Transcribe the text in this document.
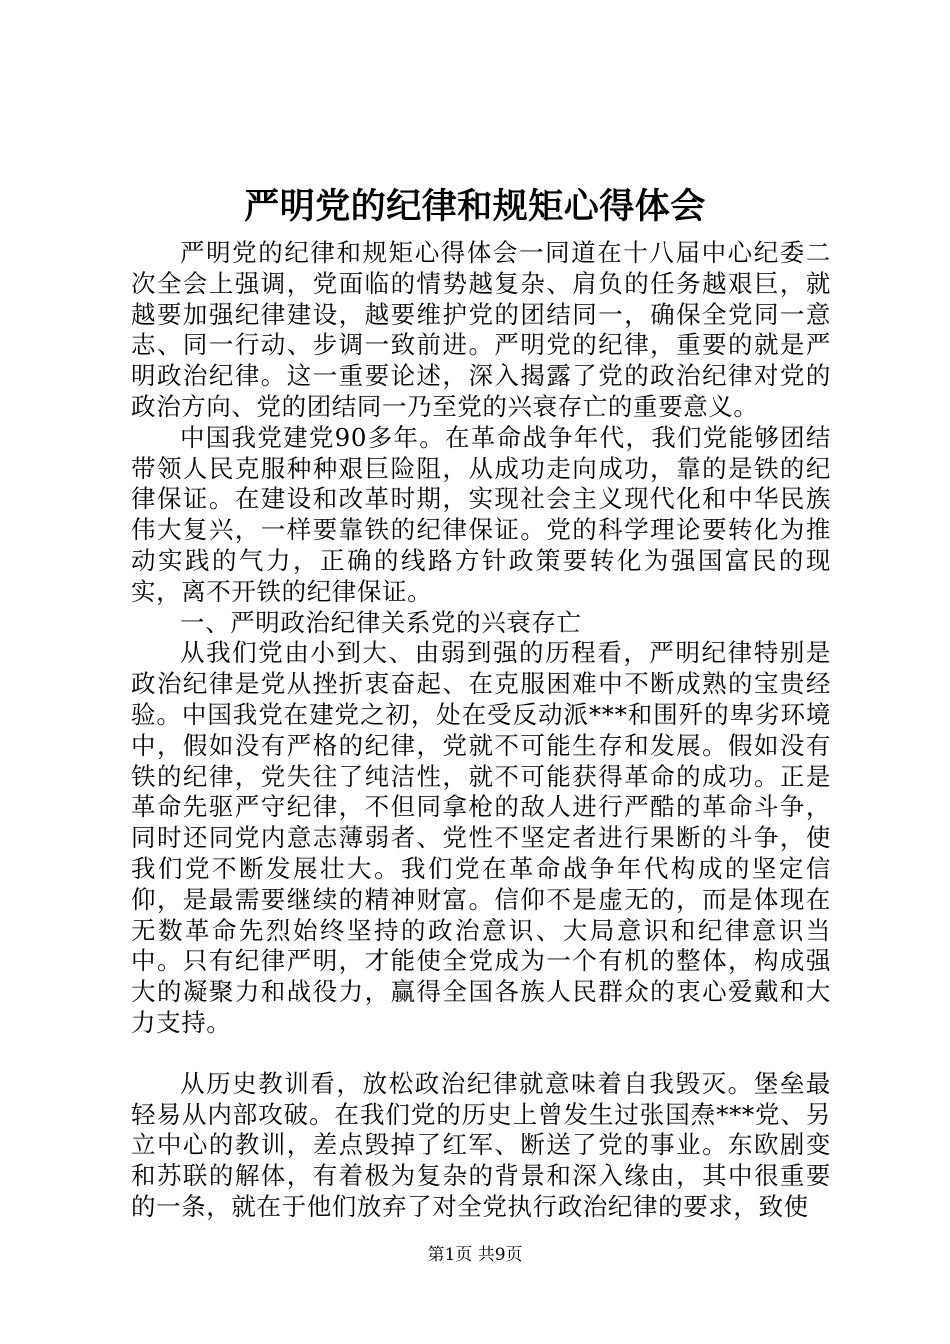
严明党的纪律和规矩心得体会

严明党的纪律和规矩心得体会一同道在十八届中心纪委二次全会上强调，党面临的情势越复杂、肩负的任务越艰巨，就越要加强纪律建设，越要维护党的团结同一，确保全党同一意志、同一行动、步调一致前进。严明党的纪律，重要的就是严明政治纪律。这一重要论述，深入揭露了党的政治纪律对党的政治方向、党的团结同一乃至党的兴衰存亡的重要意义。

中国我党建党90多年。在革命战争年代，我们党能够团结带领人民克服种种艰巨险阻，从成功走向成功，靠的是铁的纪律保证。在建设和改革时期，实现社会主义现代化和中华民族伟大复兴，一样要靠铁的纪律保证。党的科学理论要转化为推动实践的气力，正确的线路方针政策要转化为强国富民的现实，离不开铁的纪律保证。

一、严明政治纪律关系党的兴衰存亡

从我们党由小到大、由弱到强的历程看，严明纪律特别是政治纪律是党从挫折衷奋起、在克服困难中不断成熟的宝贵经验。中国我党在建党之初，处在受反动派***和围歼的卑劣环境中，假如没有严格的纪律，党就不可能生存和发展。假如没有铁的纪律，党失往了纯洁性，就不可能获得革命的成功。正是革命先驱严守纪律，不但同拿枪的敌人进行严酷的革命斗争，同时还同党内意志薄弱者、党性不坚定者进行果断的斗争，使我们党不断发展壮大。我们党在革命战争年代构成的坚定信仰，是最需要继续的精神财富。信仰不是虚无的，而是体现在无数革命先烈始终坚持的政治意识、大局意识和纪律意识当中。只有纪律严明，才能使全党成为一个有机的整体，构成强大的凝聚力和战役力，赢得全国各族人民群众的衷心爱戴和大力支持。

从历史教训看，放松政治纪律就意味着自我毁灭。堡垒最轻易从内部攻破。在我们党的历史上曾发生过张国焘***党、另立中心的教训，差点毁掉了红军、断送了党的事业。东欧剧变和苏联的解体，有着极为复杂的背景和深入缘由，其中很重要的一条，就在于他们放弃了对全党执行政治纪律的要求，致使

第1页 共9页
